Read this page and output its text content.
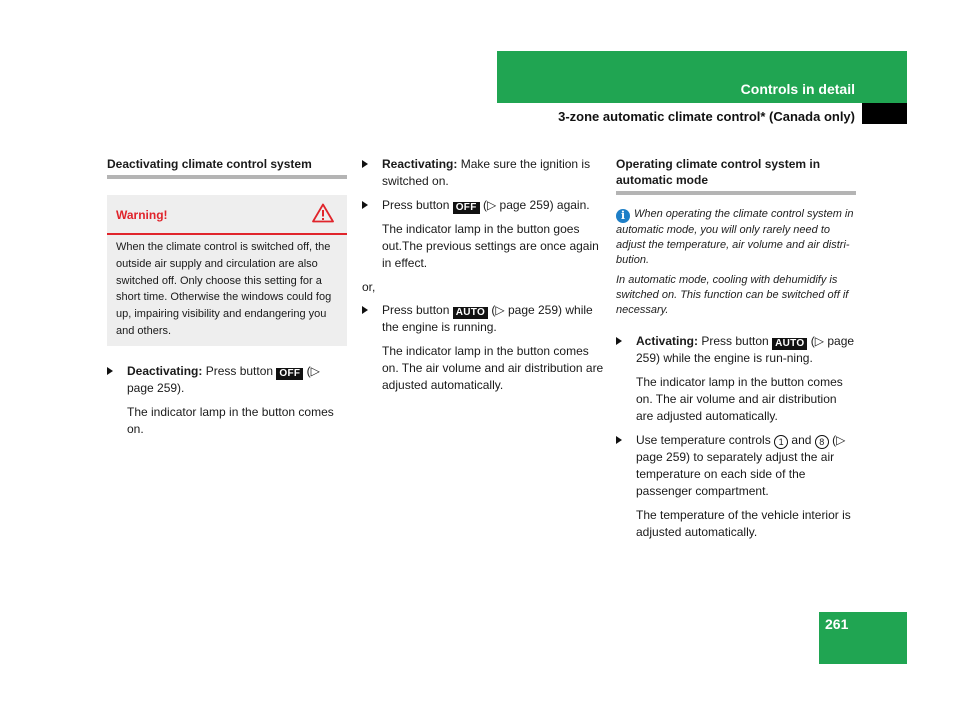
Controls in detail
3-zone automatic climate control* (Canada only)
Deactivating climate control system
Warning!
When the climate control is switched off, the outside air supply and circulation are also switched off. Only choose this setting for a short time. Otherwise the windows could fog up, impairing visibility and endangering you and others.
Deactivating: Press button OFF (▷ page 259).
The indicator lamp in the button comes on.
Reactivating: Make sure the ignition is switched on.
Press button OFF (▷ page 259) again.
The indicator lamp in the button goes out.The previous settings are once again in effect.
or,
Press button AUTO (▷ page 259) while the engine is running.
The indicator lamp in the button comes on. The air volume and air distribution are adjusted automatically.
Operating climate control system in automatic mode
i When operating the climate control system in automatic mode, you will only rarely need to adjust the temperature, air volume and air distri-bution.
In automatic mode, cooling with dehumidify is switched on. This function can be switched off if necessary.
Activating: Press button AUTO (▷ page 259) while the engine is run-ning.
The indicator lamp in the button comes on. The air volume and air distribution are adjusted automatically.
Use temperature controls 1 and 8 (▷ page 259) to separately adjust the air temperature on each side of the passenger compartment.
The temperature of the vehicle interior is adjusted automatically.
261
